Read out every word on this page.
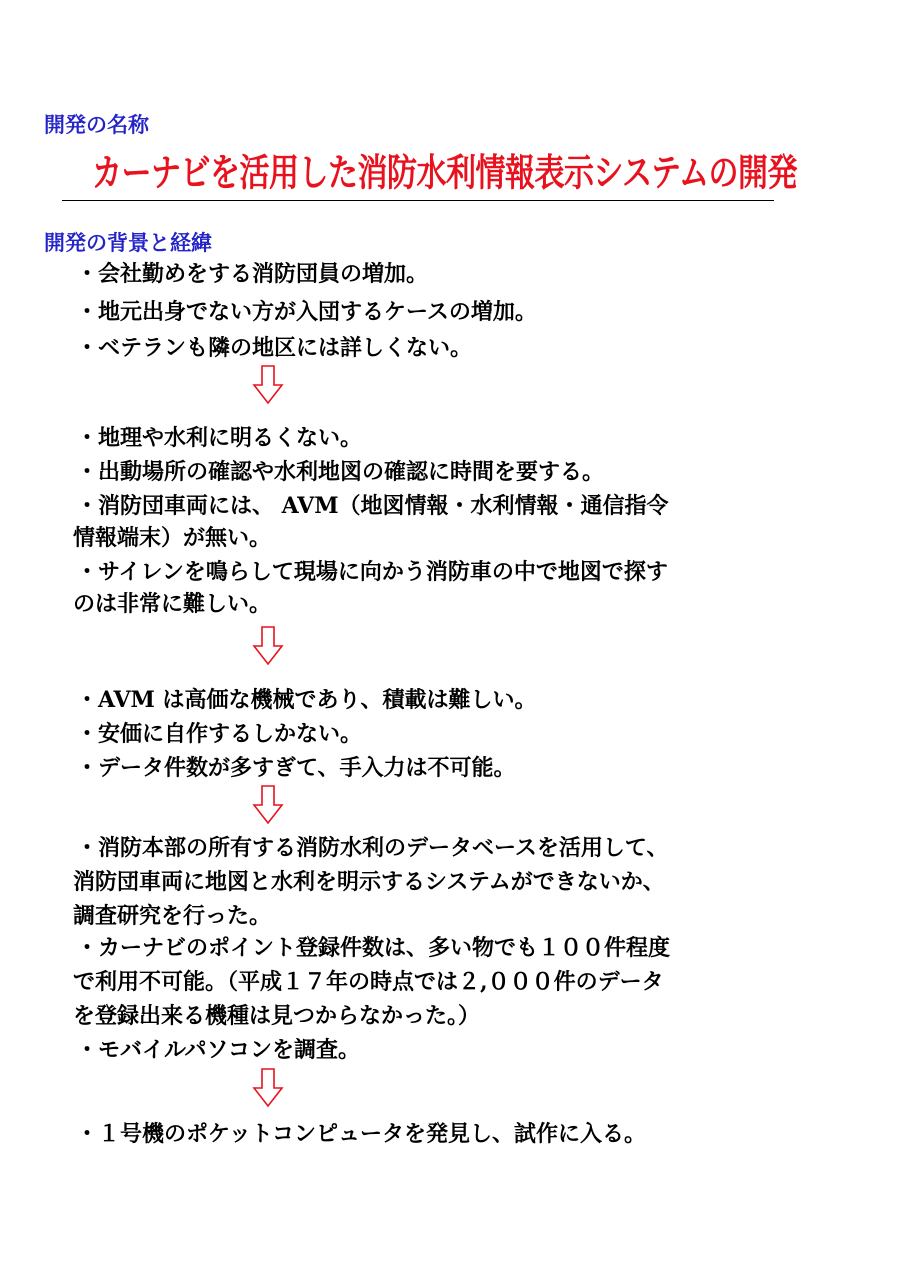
開発の名称
カーナビを活用した消防水利情報表示システムの開発
開発の背景と経緯
・会社勤めをする消防団員の増加。
・地元出身でない方が入団するケースの増加。
・ベテランも隣の地区には詳しくない。
・地理や水利に明るくない。
・出動場所の確認や水利地図の確認に時間を要する。
・消防団車両には、 AVM（地図情報・水利情報・通信指令
情報端末）が無い。
・サイレンを鳴らして現場に向かう消防車の中で地図で探す
のは非常に難しい。
・AVM は高価な機械であり、積載は難しい。
・安価に自作するしかない。
・データ件数が多すぎて、手入力は不可能。
・消防本部の所有する消防水利のデータベースを活用して、
消防団車両に地図と水利を明示するシステムができないか、
調査研究を行った。
・カーナビのポイント登録件数は、多い物でも１００件程度
で利用不可能。（平成１７年の時点では２,０００件のデータ
を登録出来る機種は見つからなかった。）
・モバイルパソコンを調査。
・１号機のポケットコンピュータを発見し、試作に入る。
